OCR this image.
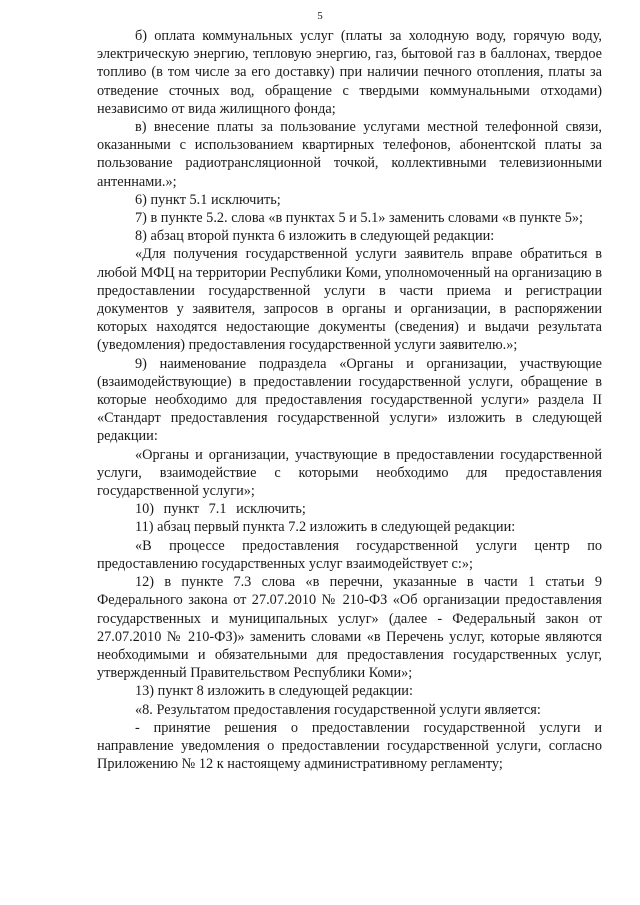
5

б) оплата коммунальных услуг (платы за холодную воду, горячую воду, электрическую энергию, тепловую энергию, газ, бытовой газ в баллонах, твердое топливо (в том числе за его доставку) при наличии печного отопления, платы за отведение сточных вод, обращение с твердыми коммунальными отходами) независимо от вида жилищного фонда;

в) внесение платы за пользование услугами местной телефонной связи, оказанными с использованием квартирных телефонов, абонентской платы за пользование радиотрансляционной точкой, коллективными телевизионными антеннами.»;

6) пункт 5.1 исключить;

7) в пункте 5.2. слова «в пунктах 5 и 5.1» заменить словами «в пункте 5»;

8) абзац второй пункта 6 изложить в следующей редакции:

«Для получения государственной услуги заявитель вправе обратиться в любой МФЦ на территории Республики Коми, уполномоченный на организацию в предоставлении государственной услуги в части приема и регистрации документов у заявителя, запросов в органы и организации, в распоряжении которых находятся недостающие документы (сведения) и выдачи результата (уведомления) предоставления государственной услуги заявителю.»;

9) наименование подраздела «Органы и организации, участвующие (взаимодействующие) в предоставлении государственной услуги, обращение в которые необходимо для предоставления государственной услуги» раздела II «Стандарт предоставления государственной услуги» изложить в следующей редакции:

«Органы и организации, участвующие в предоставлении государственной услуги, взаимодействие с которыми необходимо для предоставления государственной услуги»;

10) пункт 7.1 исключить;

11) абзац первый пункта 7.2 изложить в следующей редакции:

«В процессе предоставления государственной услуги центр по предоставлению государственных услуг взаимодействует с:»;

12) в пункте 7.3 слова «в перечни, указанные в части 1 статьи 9 Федерального закона от 27.07.2010 № 210-ФЗ «Об организации предоставления государственных и муниципальных услуг» (далее - Федеральный закон от 27.07.2010 № 210-ФЗ)» заменить словами «в Перечень услуг, которые являются необходимыми и обязательными для предоставления государственных услуг, утвержденный Правительством Республики Коми»;

13) пункт 8 изложить в следующей редакции:

«8. Результатом предоставления государственной услуги является:

- принятие решения о предоставлении государственной услуги и направление уведомления о предоставлении государственной услуги, согласно Приложению № 12 к настоящему административному регламенту;
